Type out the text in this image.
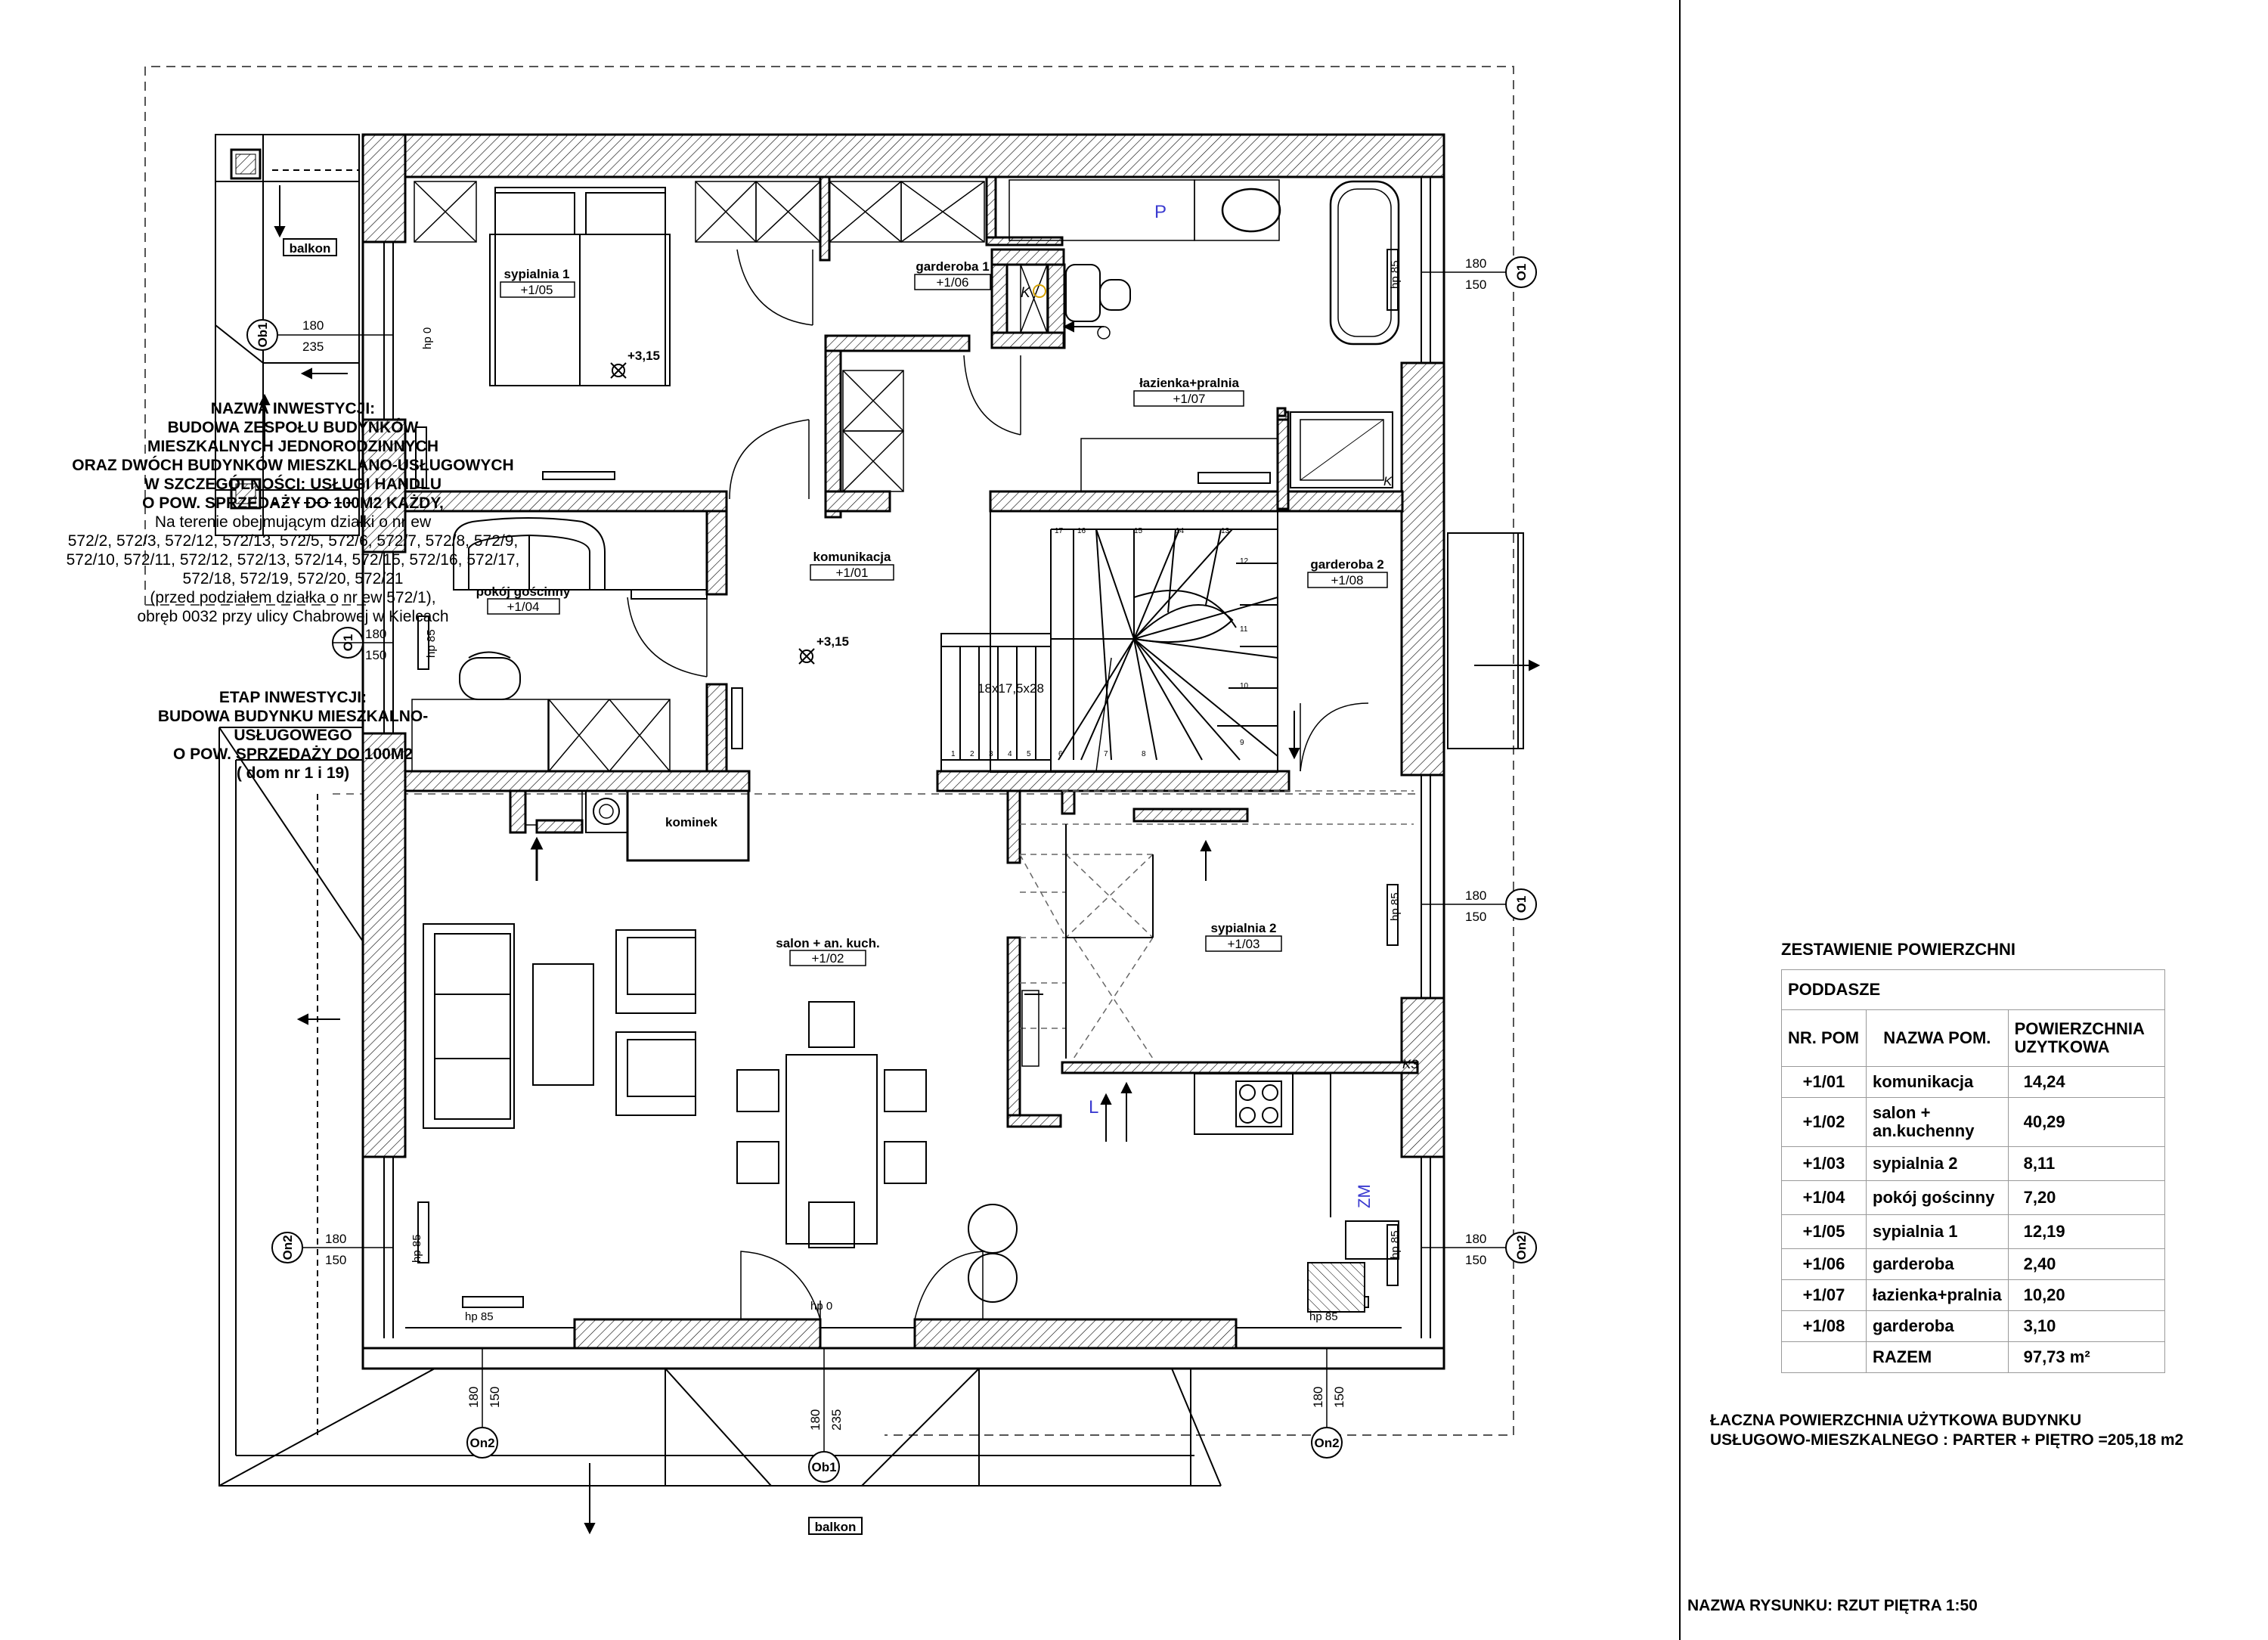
balkon
balkon
1 2 3 4 5	6	7	8
9
10
11
12
13
14
15
16
17
18x17,5x28
kominek
+3,15
+3,15
sypialnia 1
+1/05
garderoba 1
+1/06
łazienka+pralnia
+1/07
komunikacja
+1/01
pokój gościnny
+1/04
garderoba 2
+1/08
salon + an. kuch.
+1/02
sypialnia 2
+1/03
P
K
K
K3
L
ZM
hp 0
hp 85
hp 85
hp 85
hp 85	hp 85
hp 85	hp 85
hp 0
Ob1
O1
O1
O1
On2	On2
On2
Ob1
On2
180
235
180
150
180
150
180
150
180
150
180
150
180 150
180 235
180 150
NAZWA INWESTYCJI:
BUDOWA ZESPOŁU BUDYNKÓW
MIESZKALNYCH JEDNORODZINNYCH
ORAZ DWÓCH BUDYNKÓW MIESZKLANO-USŁUGOWYCH
W SZCZEGÓLNOŚCI: USŁUGI HANDLU
O POW. SPRZEDAŻY DO 100M2 KAŻDY,
Na terenie obejmującym działki o nr ew
572/2, 572/3, 572/12, 572/13, 572/5, 572/6, 572/7, 572/8, 572/9,
572/10, 572/11, 572/12, 572/13, 572/14, 572/15, 572/16, 572/17,
572/18, 572/19, 572/20, 572/21
(przed podziałem działka o nr ew 572/1),
obręb 0032 przy ulicy Chabrowej w Kielcach
ETAP INWESTYCJI:
BUDOWA BUDYNKU MIESZKALNO-
USŁUGOWEGO
O POW. SPRZEDAŻY DO 100M2
( dom nr 1 i 19)
ZESTAWIENIE POWIERZCHNI
PODDASZE		
NR. POM	NAZWA POM.	POWIERZCHNIA UZYTKOWA
+1/01	komunikacja	14,24
+1/02	salon + an.kuchenny	40,29
+1/03	sypialnia 2	8,11
+1/04	pokój gościnny	7,20
+1/05	sypialnia 1	12,19
+1/06	garderoba	2,40
+1/07	łazienka+pralnia	10,20
+1/08	garderoba	3,10
	RAZEM	97,73 m²
ŁACZNA POWIERZCHNIA UŻYTKOWA BUDYNKU
USŁUGOWO-MIESZKALNEGO : PARTER + PIĘTRO =205,18 m2
NAZWA RYSUNKU: RZUT PIĘTRA 1:50
